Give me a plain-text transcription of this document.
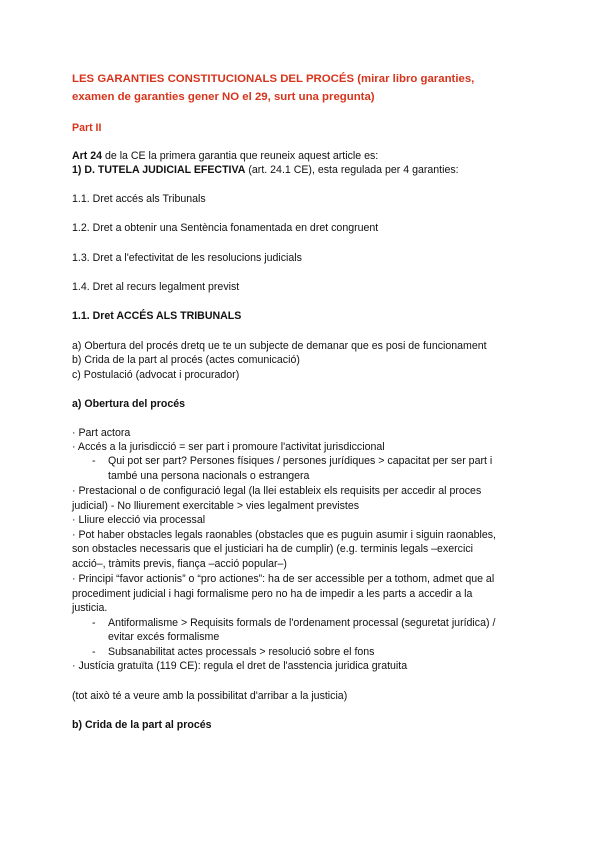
LES GARANTIES CONSTITUCIONALS DEL PROCÉS (mirar libro garanties,
examen de garanties gener NO el 29, surt una pregunta)
Part II
Art 24 de la CE la primera garantia que reuneix aquest article es:
1) D. TUTELA JUDICIAL EFECTIVA (art. 24.1 CE), esta regulada per 4 garanties:
1.1. Dret accés als Tribunals
1.2. Dret a obtenir una Sentència fonamentada en dret congruent
1.3. Dret a l'efectivitat de les resolucions judicials
1.4. Dret al recurs legalment previst
1.1. Dret ACCÉS ALS TRIBUNALS
a) Obertura del procés dretq ue te un subjecte de demanar que es posi de funcionament
b) Crida de la part al procés (actes comunicació)
c) Postulació (advocat i procurador)
a) Obertura del procés
· Part actora
· Accés a la jurisdicció = ser part i promoure l'activitat jurisdiccional
- Qui pot ser part? Persones físiques / persones jurídiques > capacitat per ser part i
també una persona nacionals o estrangera
· Prestacional o de configuració legal (la llei estableix els requisits per accedir al proces
judicial) - No lliurement exercitable > vies legalment previstes
· Lliure elecció via processal
· Pot haber obstacles legals raonables (obstacles que es puguin asumir i siguin raonables,
son obstacles necessaris que el justiciari ha de cumplir) (e.g. terminis legals –exercici
acció–, tràmits previs, fiança –acció popular–)
· Principi “favor actionis” o “pro actiones”: ha de ser accessible per a tothom, admet que al
procediment judicial i hagi formalisme pero no ha de impedir a les parts a accedir a la
justicia.
- Antiformalisme > Requisits formals de l'ordenament processal (seguretat jurídica) /
evitar excés formalisme
- Subsanabilitat actes processals > resolució sobre el fons
· Justícia gratuïta (119 CE): regula el dret de l'asstencia juridica gratuita
(tot això té a veure amb la possibilitat d'arribar a la justicia)
b) Crida de la part al procés
